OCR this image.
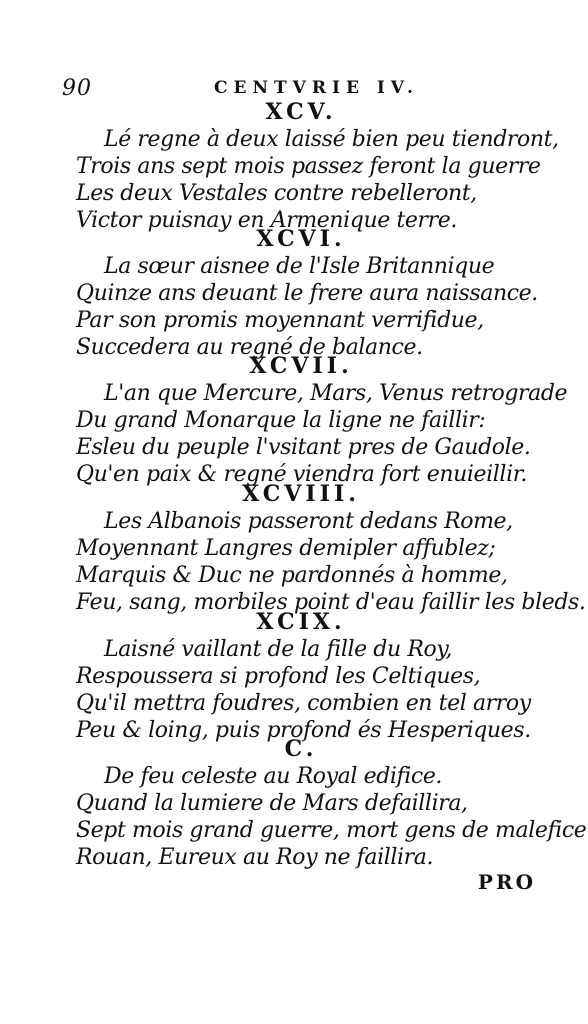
90	CENTVRIE IV.
XCV.
Lé regne à deux laissé bien peu tiendront,
Trois ans sept mois passez feront la guerre
Les deux Vestales contre rebelleront,
Victor puisnay en Armenique terre.
XCVI.
La sœur aisnee de l'Isle Britannique
Quinze ans deuant le frere aura naissance.
Par son promis moyennant verrifidue,
Succedera au regné de balance.
XCVII.
L'an que Mercure, Mars, Venus retrograde
Du grand Monarque la ligne ne faillir:
Esleu du peuple l'vsitant pres de Gaudole.
Qu'en paix & regné viendra fort enuieillir.
XCVIII.
Les Albanois passeront dedans Rome,
Moyennant Langres demipler affublez;
Marquis & Duc ne pardonnés à homme,
Feu, sang, morbiles point d'eau faillir les bleds.
XCIX.
Laisné vaillant de la fille du Roy,
Respoussera si profond les Celtiques,
Qu'il mettra foudres, combien en tel arroy
Peu & loing, puis profond és Hesperiques.
C.
De feu celeste au Royal edifice.
Quand la lumiere de Mars defaillira,
Sept mois grand guerre, mort gens de malefice
Rouan, Eureux au Roy ne faillira.
PRO
